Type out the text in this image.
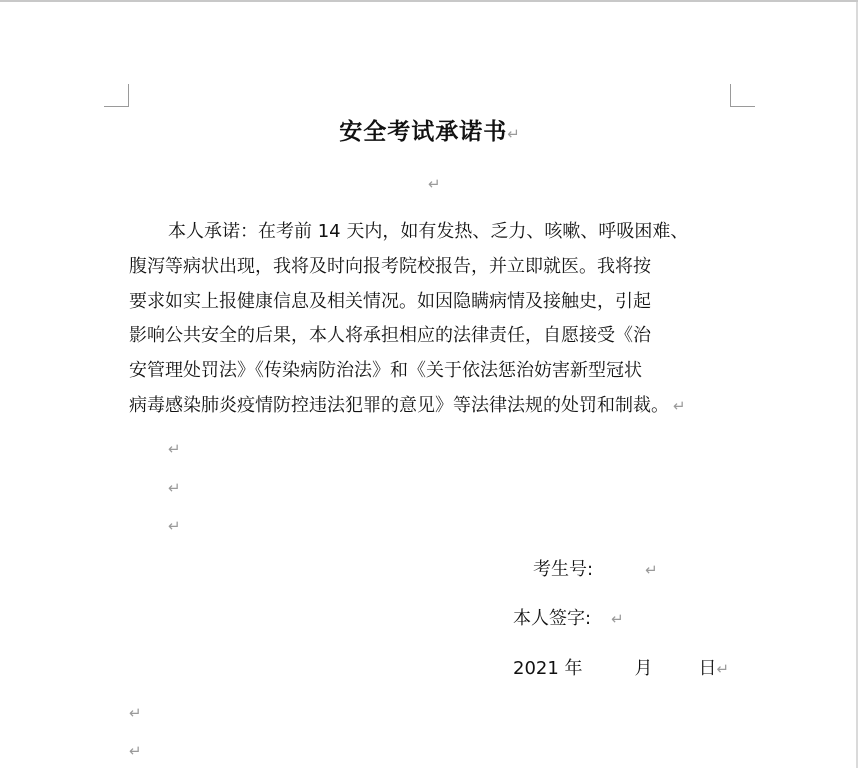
安全考试承诺书↵
↵
本人承诺：在考前 14 天内，如有发热、乏力、咳嗽、呼吸困难、
腹泻等病状出现，我将及时向报考院校报告，并立即就医。我将按
要求如实上报健康信息及相关情况。如因隐瞒病情及接触史，引起
影响公共安全的后果，本人将承担相应的法律责任，自愿接受《治
安管理处罚法》《传染病防治法》和《关于依法惩治妨害新型冠状
病毒感染肺炎疫情防控违法犯罪的意见》等法律法规的处罚和制裁。 ↵
↵
↵
↵
考生号:	↵
本人签字: ↵
2021 年	月	日↵
↵
↵
